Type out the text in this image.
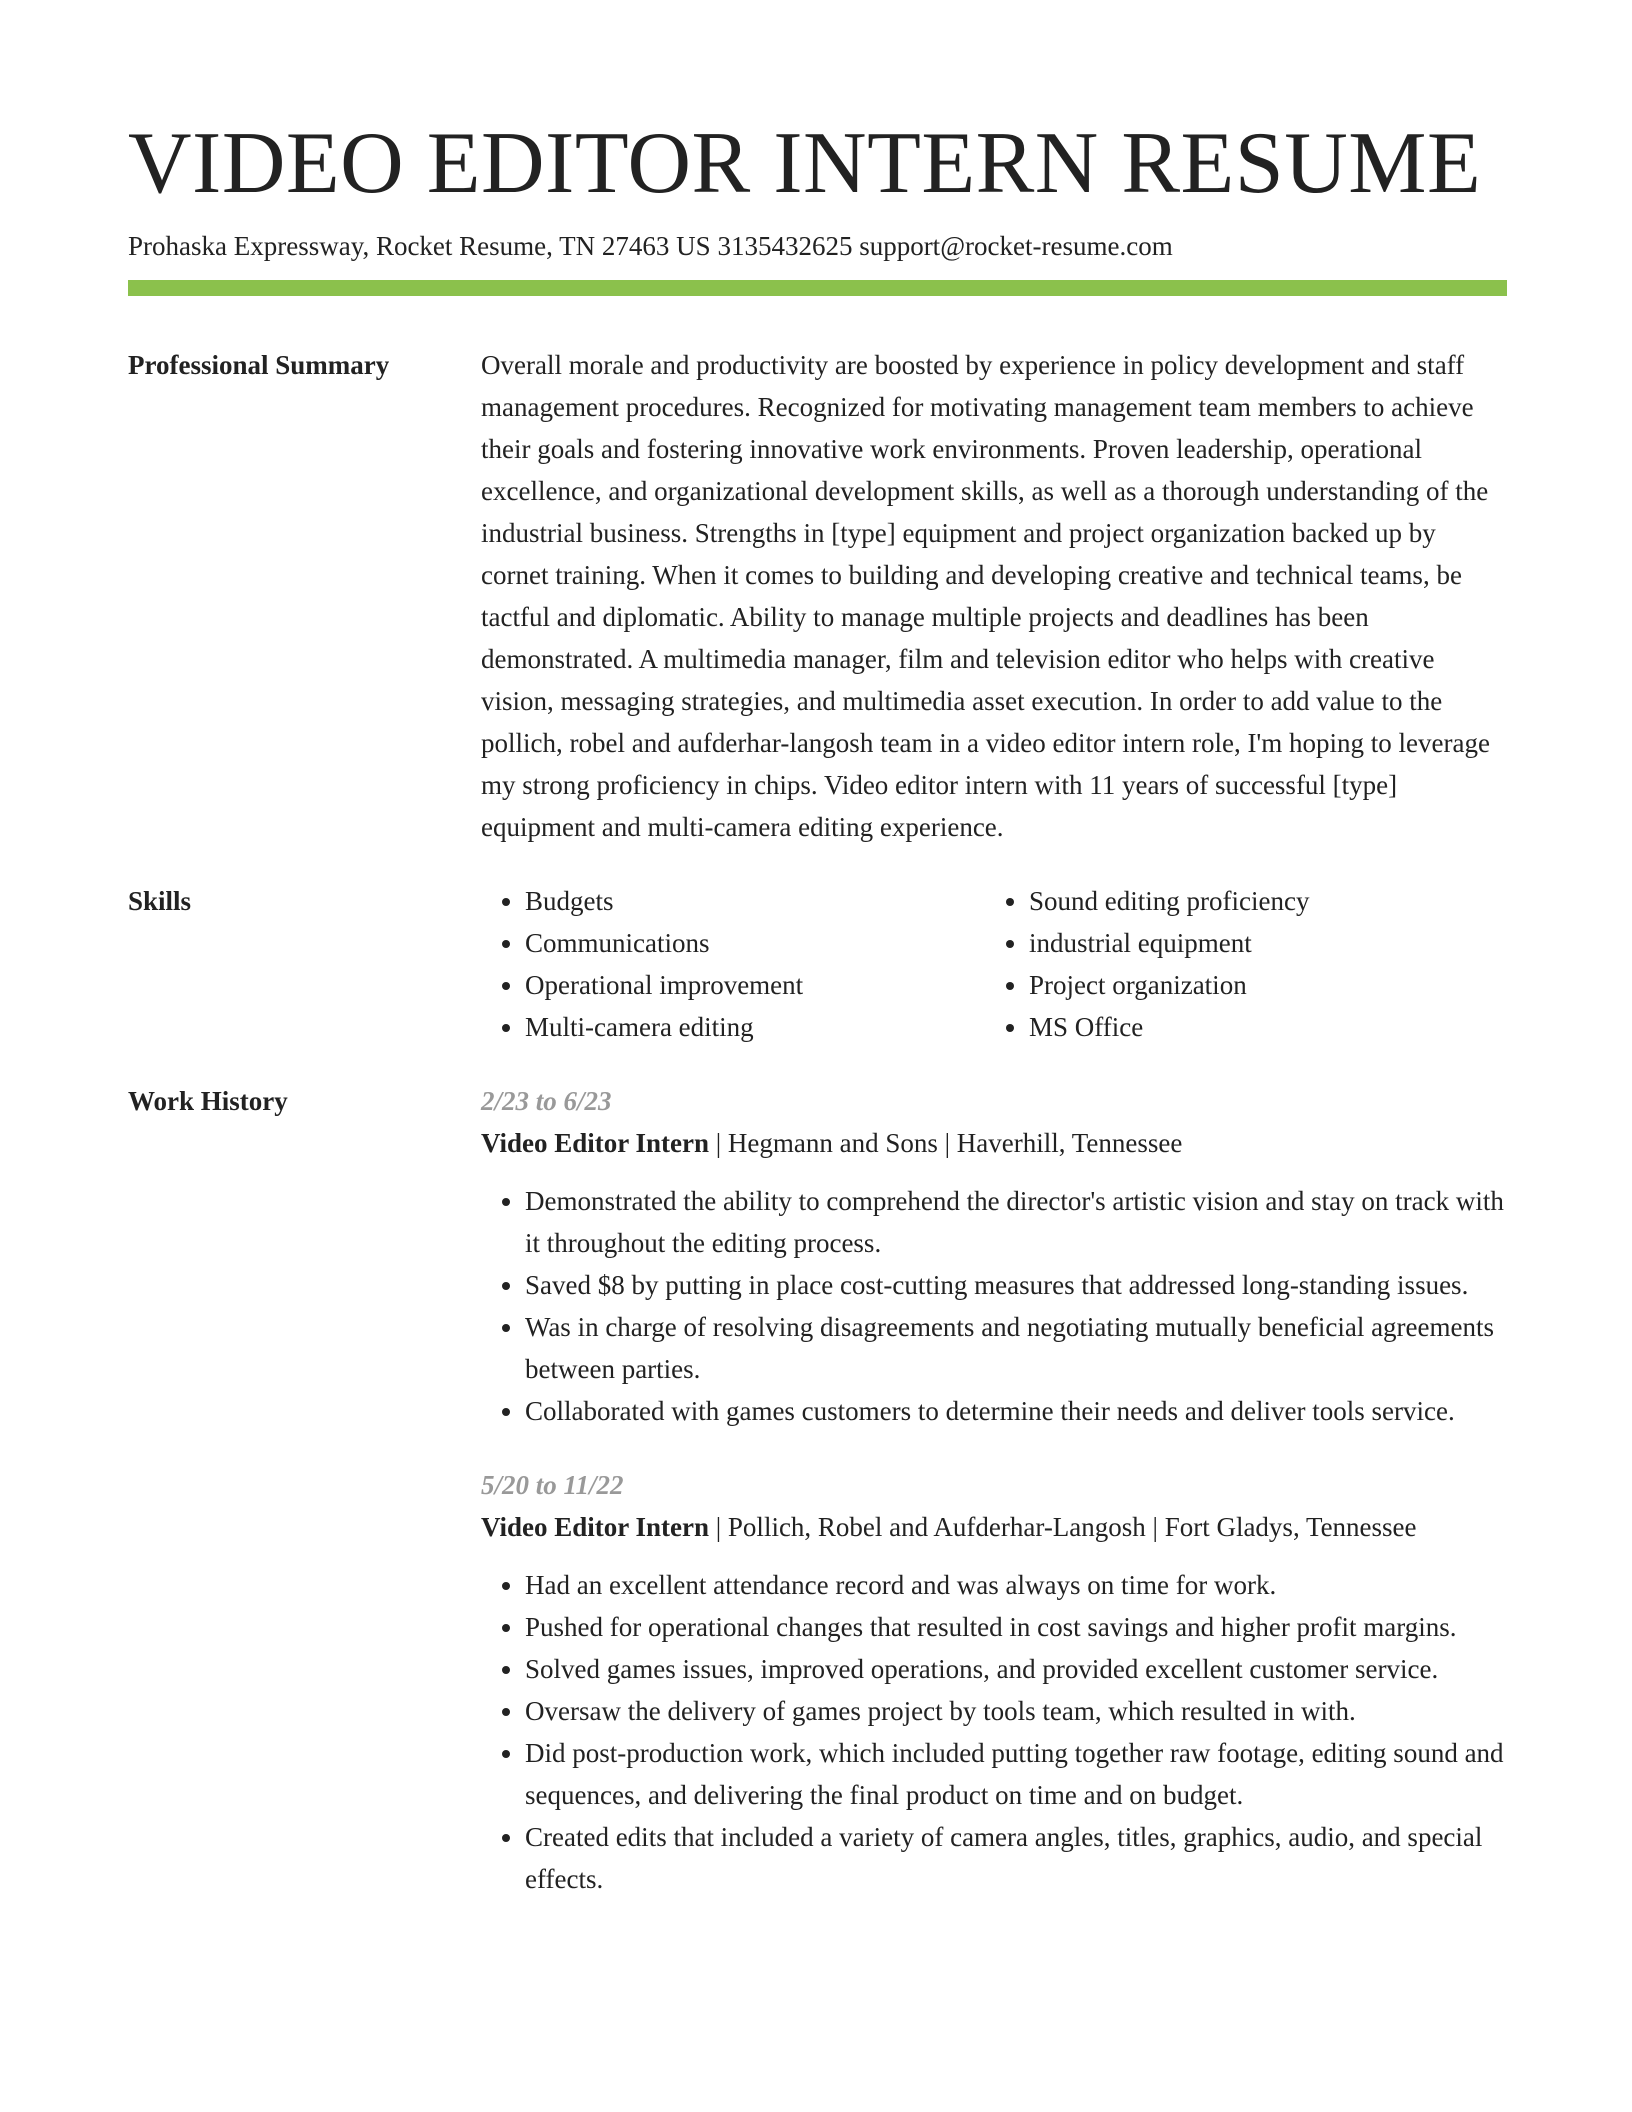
VIDEO EDITOR INTERN RESUME
Prohaska Expressway, Rocket Resume, TN 27463 US 3135432625 support@rocket-resume.com
Professional Summary	Overall morale and productivity are boosted by experience in policy development and staff management procedures. Recognized for motivating management team members to achieve their goals and fostering innovative work environments. Proven leadership, operational excellence, and organizational development skills, as well as a thorough understanding of the industrial business. Strengths in [type] equipment and project organization backed up by cornet training. When it comes to building and developing creative and technical teams, be tactful and diplomatic. Ability to manage multiple projects and deadlines has been demonstrated. A multimedia manager, film and television editor who helps with creative vision, messaging strategies, and multimedia asset execution. In order to add value to the pollich, robel and aufderhar-langosh team in a video editor intern role, I'm hoping to leverage my strong proficiency in chips. Video editor intern with 11 years of successful [type] equipment and multi-camera editing experience.
Skills
•	Budgets
• Communications
• Operational improvement
• Multi-camera editing
• Sound editing proficiency
• industrial equipment
• Project organization
• MS Office
Work History	2/23 to 6/23
Video Editor Intern | Hegmann and Sons | Haverhill, Tennessee
• Demonstrated the ability to comprehend the director's artistic vision and stay on track with it throughout the editing process.
• Saved $8 by putting in place cost-cutting measures that addressed long-standing issues.
• Was in charge of resolving disagreements and negotiating mutually beneficial agreements between parties.
• Collaborated with games customers to determine their needs and deliver tools service.
5/20 to 11/22
Video Editor Intern | Pollich, Robel and Aufderhar-Langosh | Fort Gladys, Tennessee
• Had an excellent attendance record and was always on time for work.
• Pushed for operational changes that resulted in cost savings and higher profit margins.
• Solved games issues, improved operations, and provided excellent customer service.
• Oversaw the delivery of games project by tools team, which resulted in with.
• Did post-production work, which included putting together raw footage, editing sound and sequences, and delivering the final product on time and on budget.
• Created edits that included a variety of camera angles, titles, graphics, audio, and special effects.
